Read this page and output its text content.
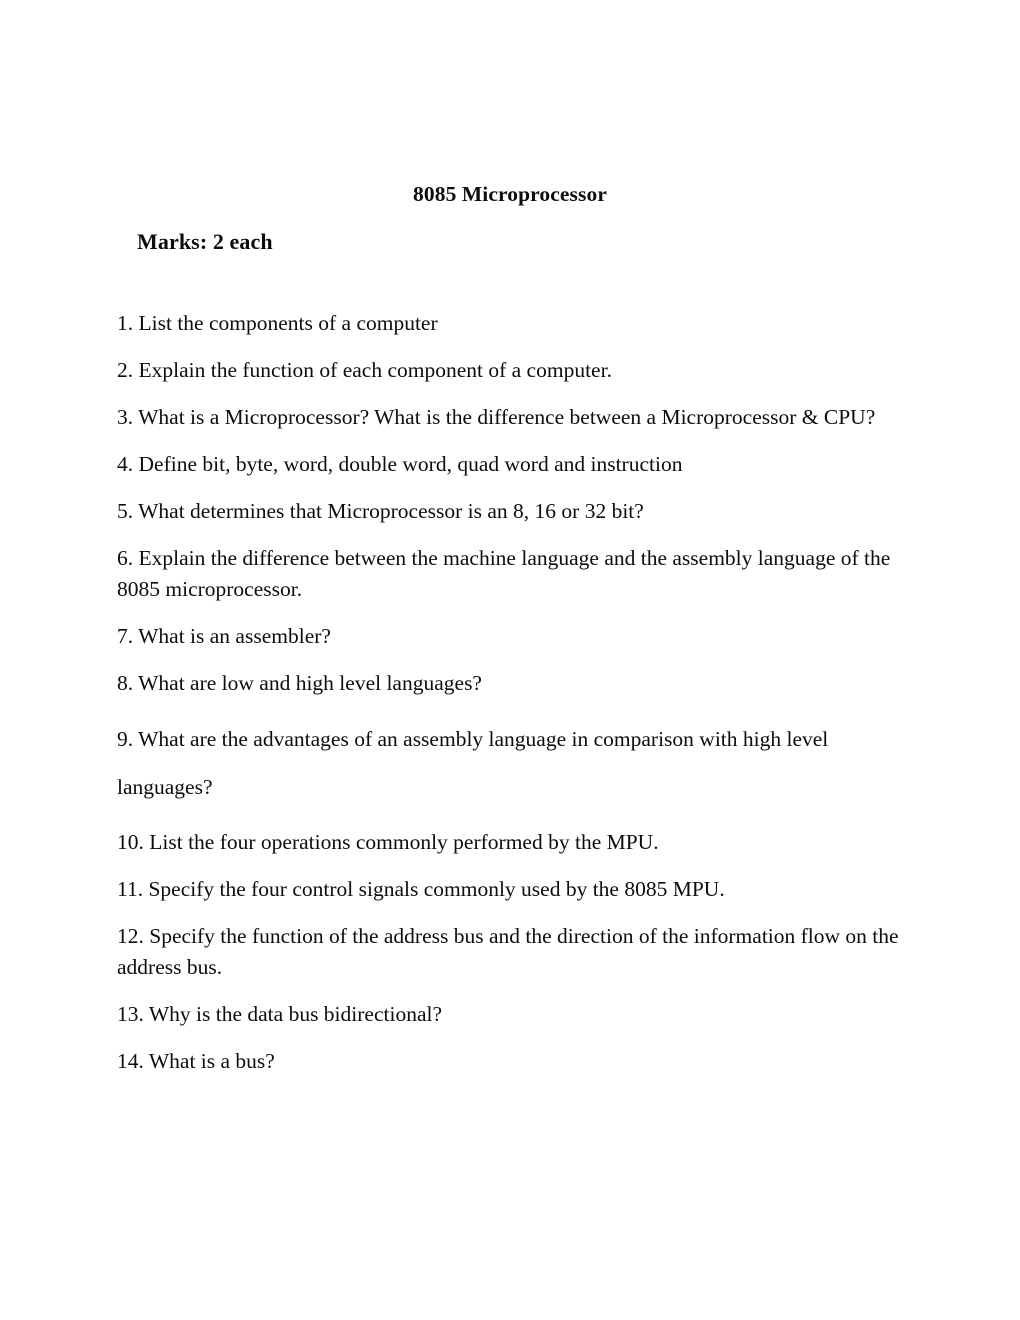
8085 Microprocessor

Marks: 2 each

1. List the components of a computer
2. Explain the function of each component of a computer.
3. What is a Microprocessor? What is the difference between a Microprocessor & CPU?
4. Define bit, byte, word, double word, quad word and instruction
5. What determines that Microprocessor is an 8, 16 or 32 bit?
6. Explain the difference between the machine language and the assembly language of the 8085 microprocessor.
7. What is an assembler?
8. What are low and high level languages?
9. What are the advantages of an assembly language in comparison with high level languages?
10. List the four operations commonly performed by the MPU.
11. Specify the four control signals commonly used by the 8085 MPU.
12. Specify the function of the address bus and the direction of the information flow on the address bus.
13. Why is the data bus bidirectional?
14. What is a bus?
